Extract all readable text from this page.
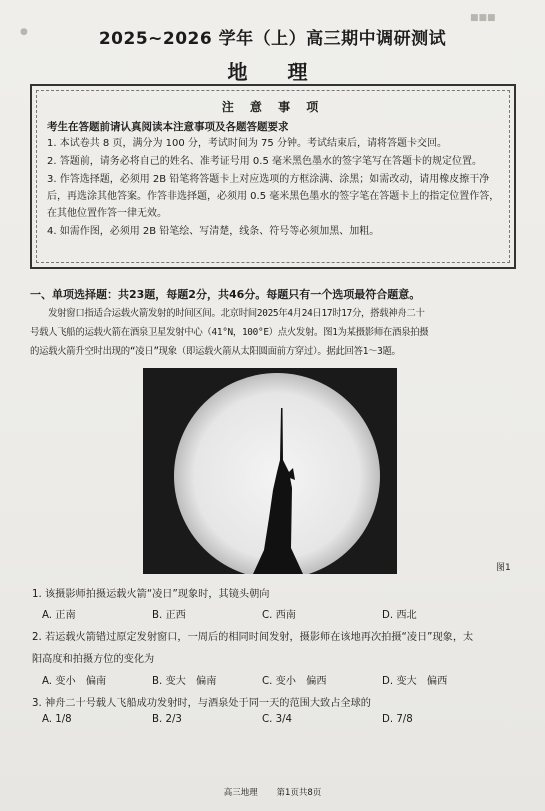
■■■
●	2025~2026 学年（上）高三期中调研测试
地　理
注 意 事 项
考生在答题前请认真阅读本注意事项及各题答题要求
1. 本试卷共 8 页，满分为 100 分，考试时间为 75 分钟。考试结束后，请将答题卡交回。
2. 答题前，请务必将自己的姓名、准考证号用 0.5 毫米黑色墨水的签字笔写在答题卡的规定位置。
3. 作答选择题，必须用 2B 铅笔将答题卡上对应选项的方框涂满、涂黑；如需改动，请用橡皮擦干净后，再选涂其他答案。作答非选择题，必须用 0.5 毫米黑色墨水的签字笔在答题卡上的指定位置作答，在其他位置作答一律无效。
4. 如需作图，必须用 2B 铅笔绘、写清楚，线条、符号等必须加黑、加粗。
一、单项选择题：共23题，每题2分，共46分。每题只有一个选项最符合题意。
　　发射窗口指适合运载火箭发射的时间区间。北京时间2025年4月24日17时17分，搭载神舟二十
号载人飞船的运载火箭在酒泉卫星发射中心（41°N，100°E）点火发射。图1为某摄影师在酒泉拍摄
的运载火箭升空时出现的“凌日”现象（即运载火箭从太阳圆面前方穿过）。据此回答1～3题。
图1
1. 该摄影师拍摄运载火箭“凌日”现象时，其镜头朝向
A. 正南	B. 正西	C. 西南	D. 西北
2. 若运载火箭错过原定发射窗口，一周后的相同时间发射，摄影师在该地再次拍摄“凌日”现象，太
阳高度和拍摄方位的变化为
A. 变小　偏南	B. 变大　偏南	C. 变小　偏西	D. 变大　偏西
3. 神舟二十号载人飞船成功发射时，与酒泉处于同一天的范围大致占全球的
A. 1/8	B. 2/3	C. 3/4	D. 7/8
高三地理 第1页共8页
